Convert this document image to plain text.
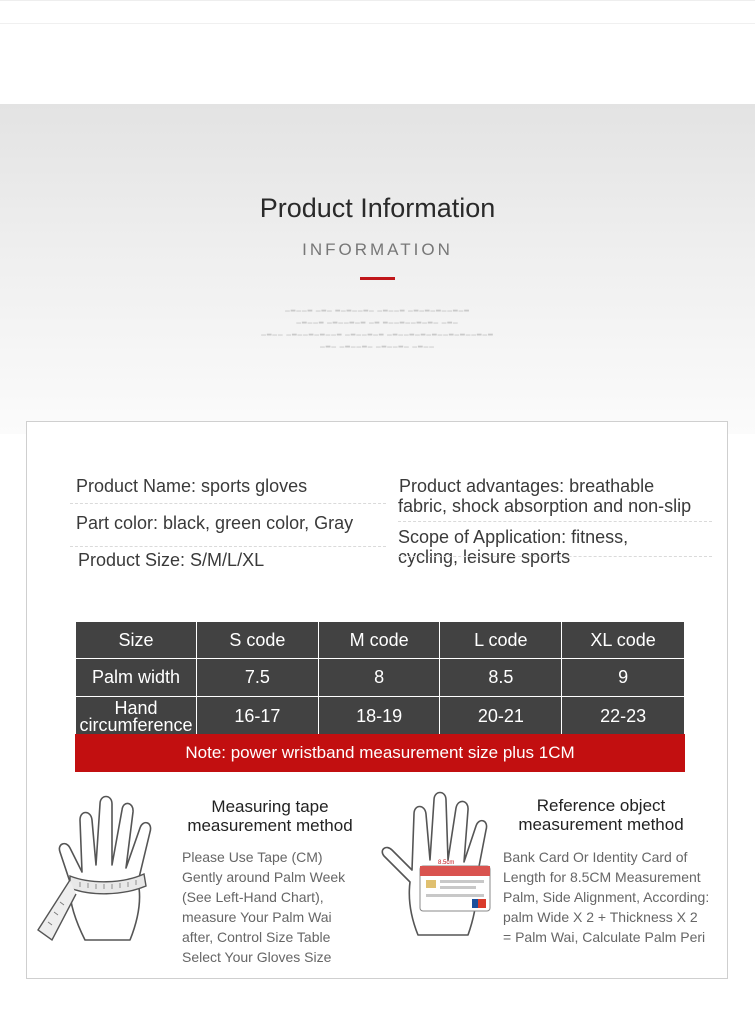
Product Information
INFORMATION
▁▂▁▁▂ ▁▂▁ ▂▁▂▁▁▂▁ ▁▂▁▁▂ ▁▂▁▂▁▂▁▁▂▁▂
▁▂▁▁▂ ▁▂▁▁▂▁▂ ▁▂ ▂▁▁▂▁▁▂▁▂▁ ▁▂▁
▁▂▁▁ ▁▂▁▁▂▁▂▁▁▂ ▁▂▁▁▂▁▂ ▁▂▁▁▂▁▂▁▂▁▁▂▁▂▁▁▂▁▂
▁▂▁ ▁▂▁▁▂▁ ▁▂▁▁▂▁ ▁▂▁▁
Product Name: sports gloves
Part color: black, green color, Gray
Product Size: S/M/L/XL
Product advantages: breathable
fabric, shock absorption and non-slip
Scope of Application: fitness,
cycling, leisure sports
Size	S code	M code	L code	XL code
Palm width	7.5	8	8.5	9
Hand
circumference	16-17	18-19	20-21	22-23
Note: power wristband measurement size plus 1CM
Measuring tape
measurement method
Please Use Tape (CM)
Gently around Palm Week
(See Left-Hand Chart),
measure Your Palm Wai
after, Control Size Table
Select Your Gloves Size
8.5cm
Reference object
measurement method
Bank Card Or Identity Card of
Length for 8.5CM Measurement
Palm, Side Alignment, According:
palm Wide X 2 + Thickness X 2
= Palm Wai, Calculate Palm Peri
